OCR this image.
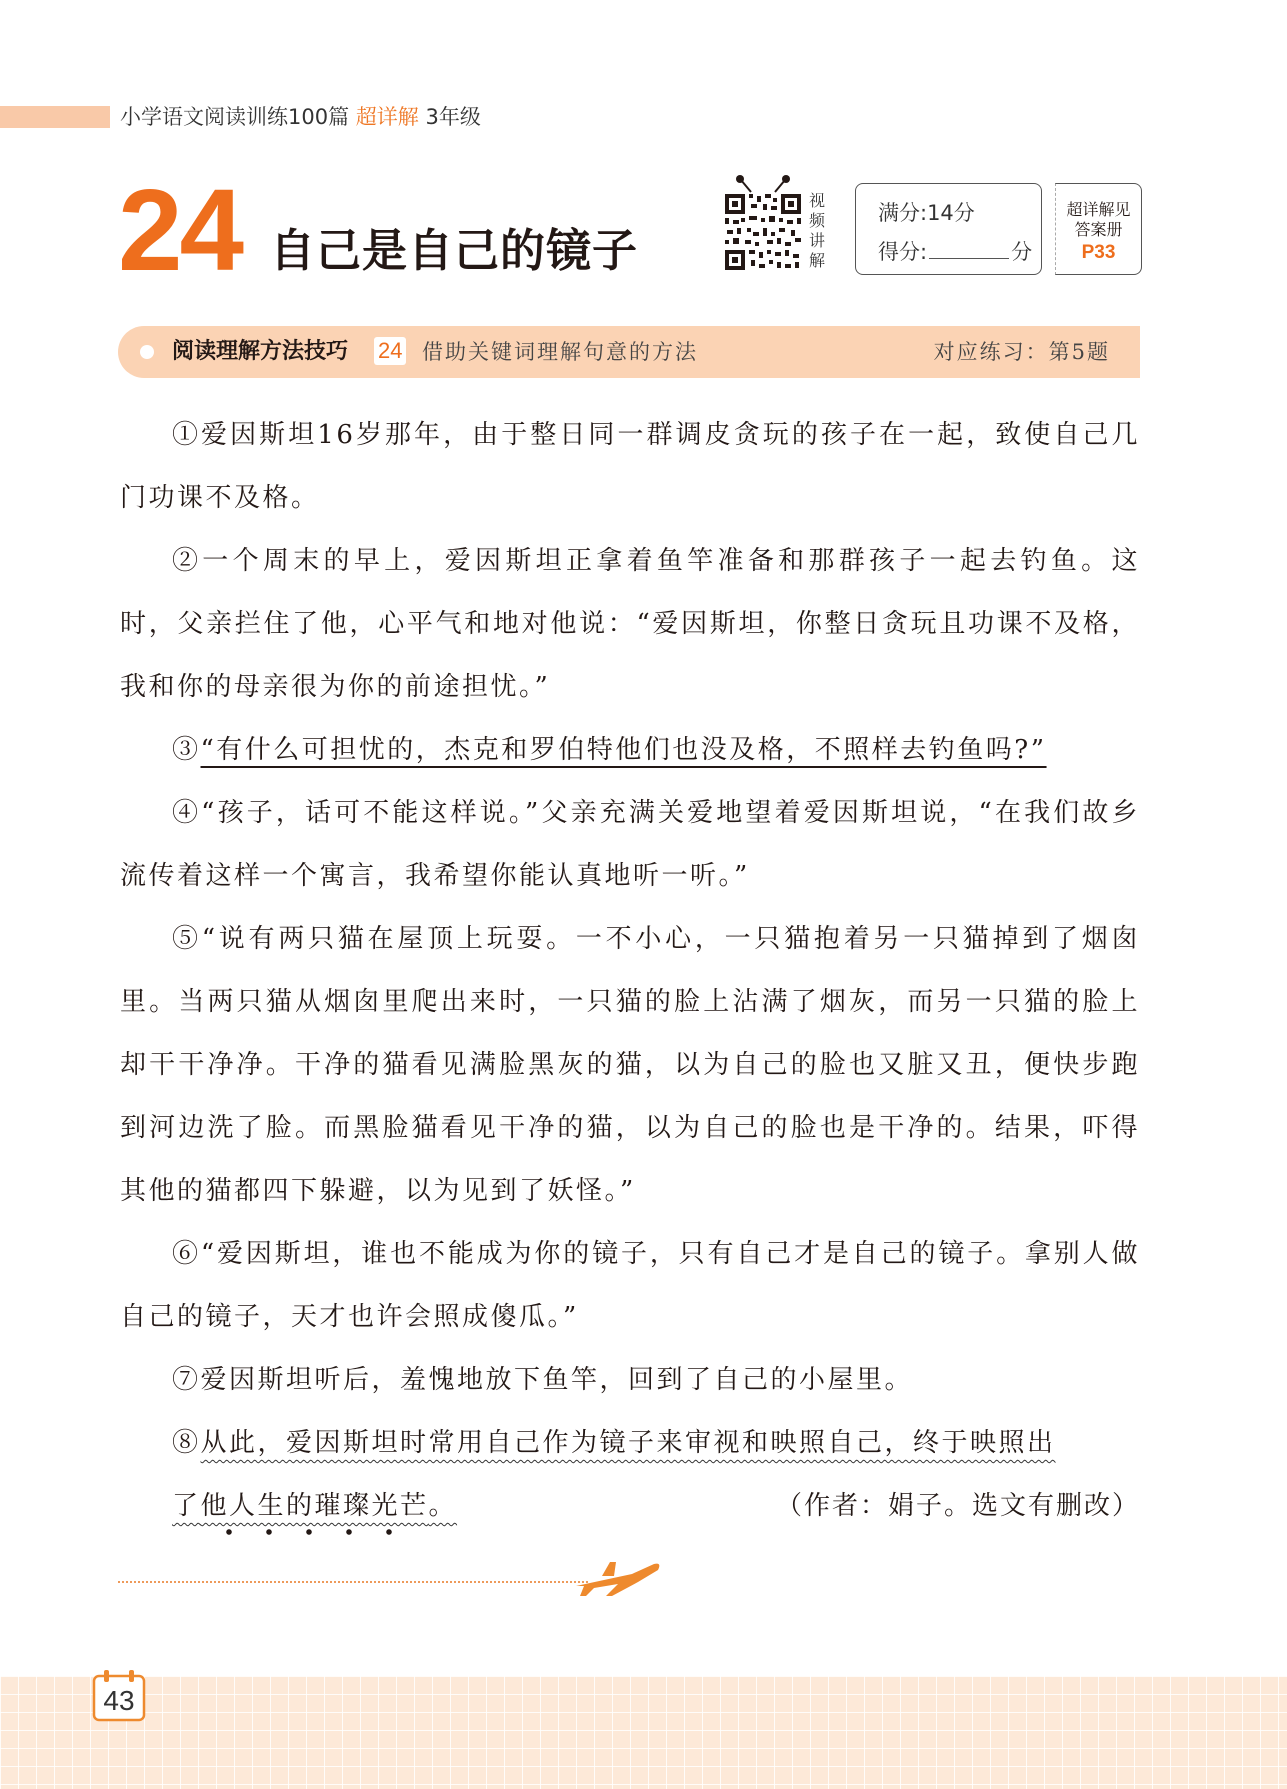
小学语文阅读训练100篇 超详解 3年级
24 自己是自己的镜子
视
频
讲
解
满分:14分
得分:	分
超详解见
答案册
P33
阅读理解方法技巧 24 借助关键词理解句意的方法	对应练习：第5题

①爱因斯坦16岁那年，由于整日同一群调皮贪玩的孩子在一起，致使自己几门功课不及格。

②一个周末的早上，爱因斯坦正拿着鱼竿准备和那群孩子一起去钓鱼。这时，父亲拦住了他，心平气和地对他说：“爱因斯坦，你整日贪玩且功课不及格，我和你的母亲很为你的前途担忧。”

③“有什么可担忧的，杰克和罗伯特他们也没及格，不照样去钓鱼吗?”

④“孩子，话可不能这样说。”父亲充满关爱地望着爱因斯坦说，“在我们故乡流传着这样一个寓言，我希望你能认真地听一听。”

⑤“说有两只猫在屋顶上玩耍。一不小心，一只猫抱着另一只猫掉到了烟囱里。当两只猫从烟囱里爬出来时，一只猫的脸上沾满了烟灰，而另一只猫的脸上却干干净净。干净的猫看见满脸黑灰的猫，以为自己的脸也又脏又丑，便快步跑到河边洗了脸。而黑脸猫看见干净的猫，以为自己的脸也是干净的。结果，吓得其他的猫都四下躲避，以为见到了妖怪。”

⑥“爱因斯坦，谁也不能成为你的镜子，只有自己才是自己的镜子。拿别人做自己的镜子，天才也许会照成傻瓜。”

⑦爱因斯坦听后，羞愧地放下鱼竿，回到了自己的小屋里。

⑧从此，爱因斯坦时常用自己作为镜子来审视和映照自己，终于映照出

了他人生的璀璨光芒。	（作者：娟子。选文有删改）

43
